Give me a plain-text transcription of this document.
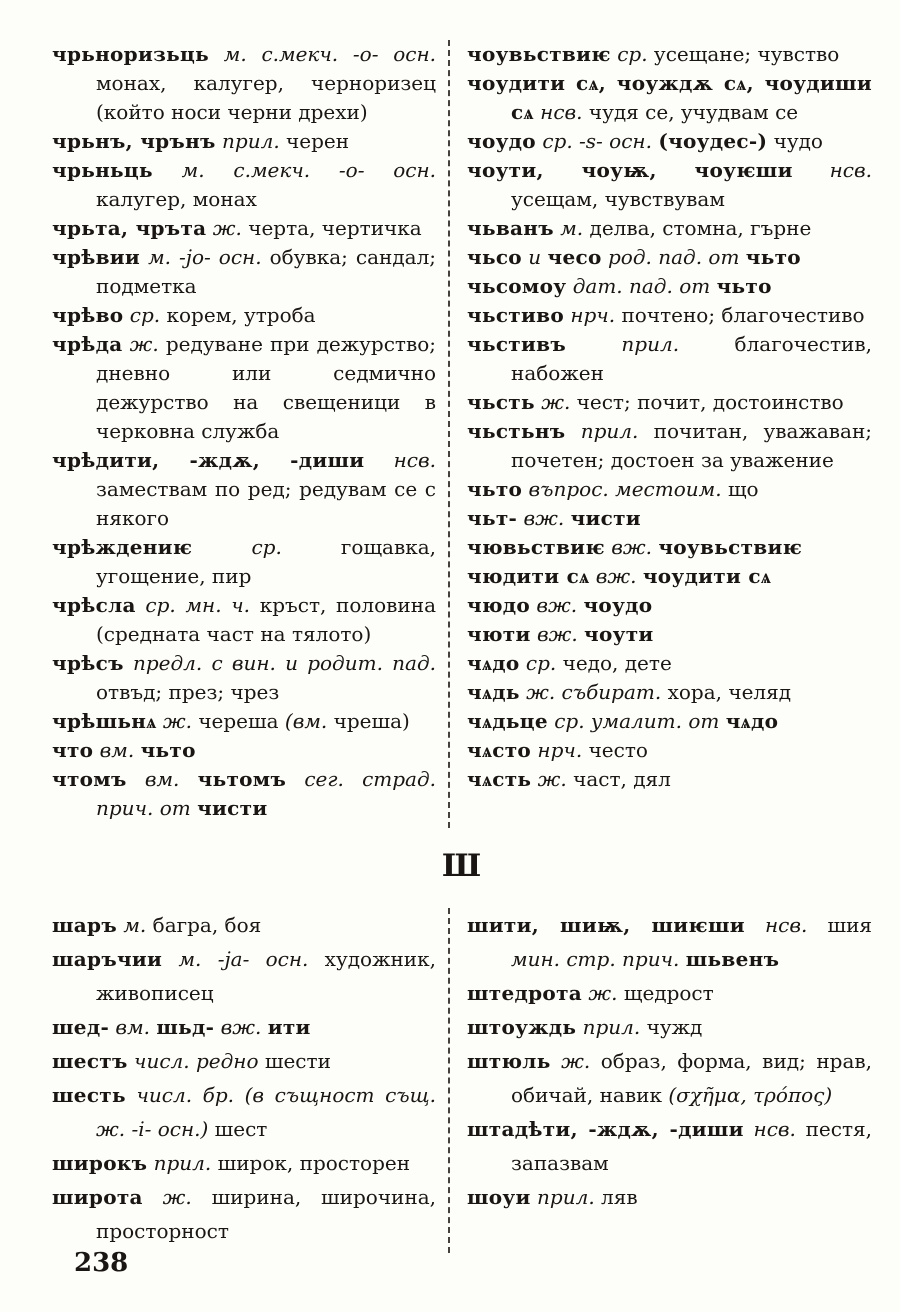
чрьноризьць м. с.мекч. -о- осн. монах, калугер, черноризец (който носи черни дрехи)

чрьнъ, чрънъ прил. черен

чрьньць м. с.мекч. -о- осн. калугер, монах

чрьта, чръта ж. черта, чертичка

чрѣвии м. -jо- осн. обувка; сандал; подметка

чрѣво ср. корем, утроба

чрѣда ж. редуване при дежурство; дневно или седмично дежурство на свещеници в черковна служба

чрѣдити, -ждѫ, -диши нсв. замествам по ред; редувам се с някого

чрѣждениѥ	ср.	гощавка, угощение, пир

чрѣсла ср. мн. ч. кръст, половина (средната част на тялото)

чрѣсъ предл. с вин. и родит. пад. отвъд; през; чрез

чрѣшьнѧ ж. череша (вм. чреша)

что вм. чьто

чтомъ вм. чьтомъ сег. страд. прич. от чисти

чоувьствиѥ ср. усещане; чувство

чоудити сѧ, чоуждѫ сѧ, чоудиши сѧ нсв. чудя се, учудвам се

чоудо ср. -s- осн. (чоудес-) чудо

чоути, чоуѭ, чоуѥши нсв. усещам, чувствувам

чьванъ м. делва, стомна, гърне

чьсо и чесо род. пад. от чьто

чьсомоу дат. пад. от чьто

чьстиво нрч. почтено; благочестиво

чьстивъ	прил.	благочестив, набожен

чьсть ж. чест; почит, достоинство

чьстьнъ прил. почитан, уважаван; почетен; достоен за уважение

чьто въпрос. местоим. що

чьт- вж. чисти

чювьствиѥ вж. чоувьствиѥ

чюдити сѧ вж. чоудити сѧ

чюдо вж. чоудо

чюти вж. чоути

чѧдо ср. чедо, дете

чѧдь ж. събират. хора, челяд

чѧдьце ср. умалит. от чѧдо

чѧсто нрч. често

чѧсть ж. част, дял

Ш

шаръ м. багра, боя

шаръчии м. -ja- осн. художник, живописец

шед- вм. шьд- вж. ити

шестъ числ. редно шести

шесть числ. бр. (в същност същ. ж. -i- осн.) шест

широкъ прил. широк, просторен

широта ж. ширина, широчина, просторност

шити, шиѭ, шиѥши нсв. шия мин. стр. прич. шьвенъ

штедрота ж. щедрост

штоуждь прил. чужд

штюль ж. образ, форма, вид; нрав, обичай, навик (σχῆμα, τρόπος)

штадѣти, -ждѫ, -диши нсв. пестя, запазвам

шоуи прил. ляв

238
